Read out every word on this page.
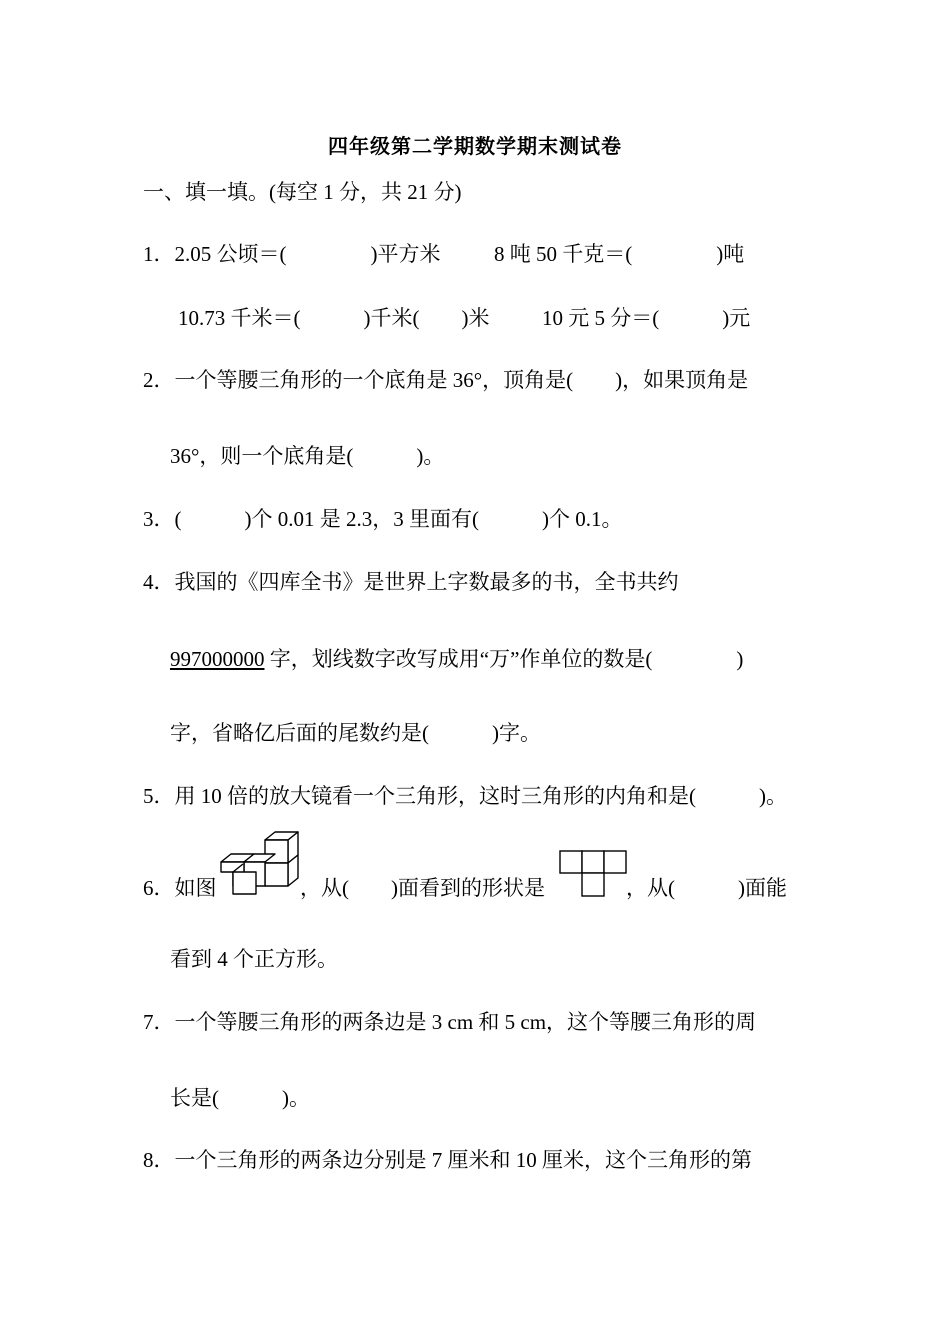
四年级第二学期数学期末测试卷
一、填一填。(每空 1 分，共 21 分)
1．2.05 公顷＝(　　　　)平方米	8 吨 50 千克＝(　　　　)吨
10.73 千米＝(　　　)千米(　　)米	10 元 5 分＝(　　　)元
2．一个等腰三角形的一个底角是 36°，顶角是(　　)，如果顶角是
36°，则一个底角是(　　　)。
3．(　　　)个 0.01 是 2.3，3 里面有(　　　)个 0.1。
4．我国的《四库全书》是世界上字数最多的书，全书共约
997000000 字，划线数字改写成用“万”作单位的数是(　　　　)
字，省略亿后面的尾数约是(　　　)字。
5．用 10 倍的放大镜看一个三角形，这时三角形的内角和是(　　　)。
6．如图	，从(　　)面看到的形状是	，从(　　　)面能
看到 4 个正方形。
7．一个等腰三角形的两条边是 3 cm 和 5 cm，这个等腰三角形的周
长是(　　　)。
8．一个三角形的两条边分别是 7 厘米和 10 厘米，这个三角形的第
